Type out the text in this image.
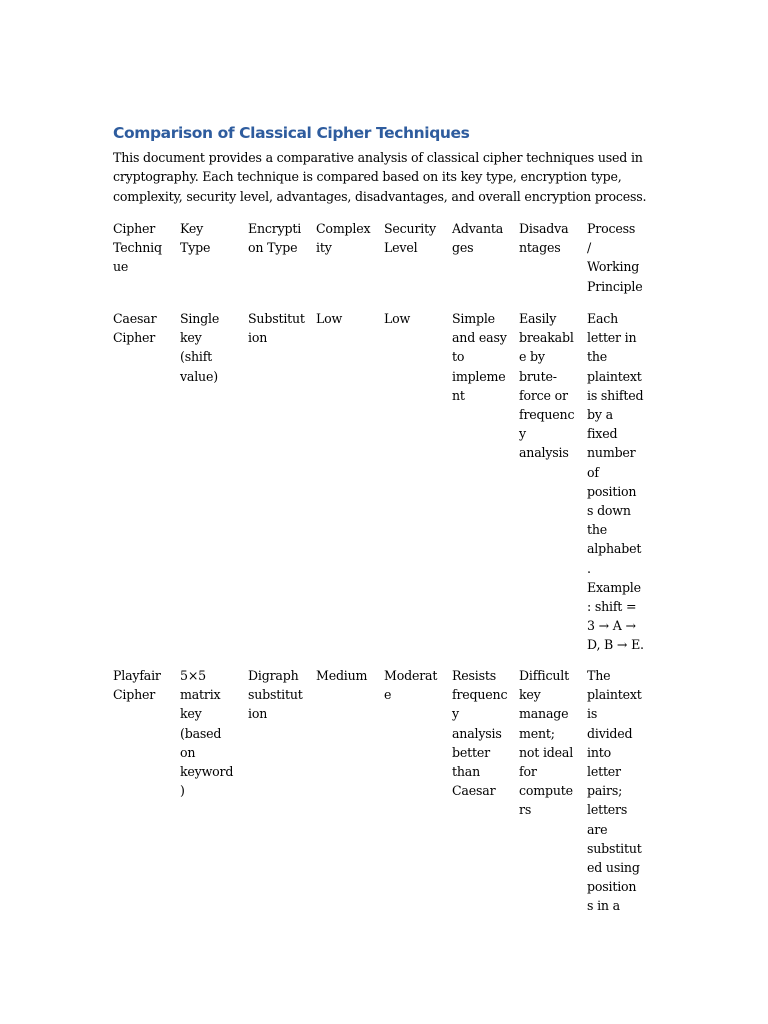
Comparison of Classical Cipher Techniques

This document provides a comparative analysis of classical cipher techniques used in
cryptography. Each technique is compared based on its key type, encryption type,
complexity, security level, advantages, disadvantages, and overall encryption process.

Cipher
Techniq
ue
Key
Type
Encrypti
on Type
Complex
ity
Security
Level
Advanta
ges
Disadva
ntages
Process
/
Working
Principle
Caesar
Cipher
Single
key
(shift
value)
Substitut
ion
Low	Low	Simple
and easy
to
impleme
nt
Easily
breakabl
e by
brute-
force or
frequenc
y
analysis
Each
letter in
the
plaintext
is shifted
by a
fixed
number
of
position
s down
the
alphabet
.
Example
: shift =
3 → A →
D, B → E.
Playfair
Cipher
5×5
matrix
key
(based
on
keyword
)
Digraph
substitut
ion
Medium Moderat
e
Resists
frequenc
y
analysis
better
than
Caesar
Difficult
key
manage
ment;
not ideal
for
compute
rs
The
plaintext
is
divided
into
letter
pairs;
letters
are
substitut
ed using
position
s in a
